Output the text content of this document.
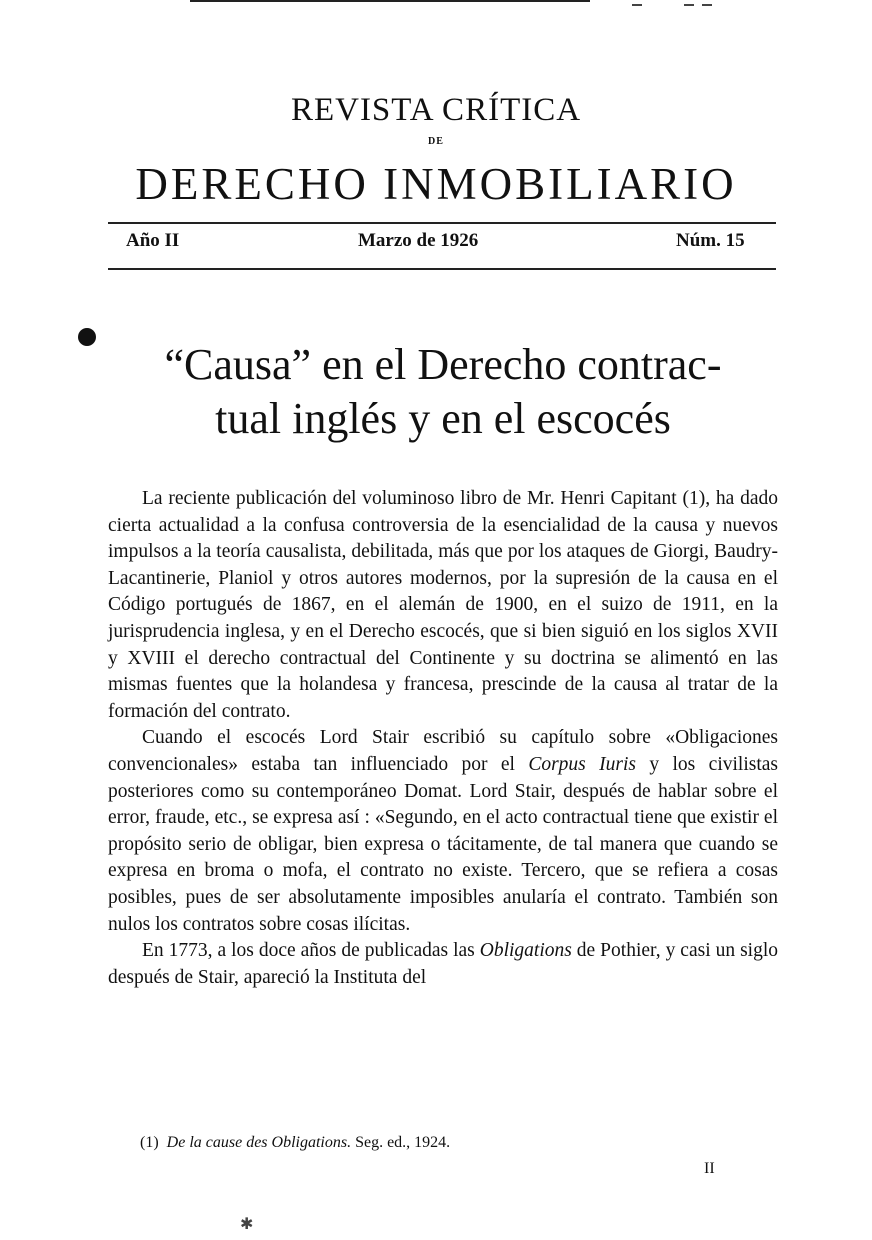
REVISTA CRÍTICA
DE
DERECHO INMOBILIARIO
Año II	Marzo de 1926	Núm. 15
“Causa” en el Derecho contrac-
tual inglés y en el escocés

La reciente publicación del voluminoso libro de Mr. Henri Capitant (1), ha dado cierta actualidad a la confusa controversia de la esencialidad de la causa y nuevos impulsos a la teoría causalista, debilitada, más que por los ataques de Giorgi, Baudry-Lacantinerie, Planiol y otros autores modernos, por la supresión de la causa en el Código portugués de 1867, en el alemán de 1900, en el suizo de 1911, en la jurisprudencia inglesa, y en el Derecho escocés, que si bien siguió en los siglos XVII y XVIII el derecho contractual del Continente y su doctrina se alimentó en las mismas fuentes que la holandesa y francesa, prescinde de la causa al tratar de la formación del contrato.

Cuando el escocés Lord Stair escribió su capítulo sobre «Obligaciones convencionales» estaba tan influenciado por el Corpus Iuris y los civilistas posteriores como su contemporáneo Domat. Lord Stair, después de hablar sobre el error, fraude, etc., se expresa así : «Segundo, en el acto contractual tiene que existir el propósito serio de obligar, bien expresa o tácitamente, de tal manera que cuando se expresa en broma o mofa, el contrato no existe. Tercero, que se refiera a cosas posibles, pues de ser absolutamente imposibles anularía el contrato. También son nulos los contratos sobre cosas ilícitas.

En 1773, a los doce años de publicadas las Obligations de Pothier, y casi un siglo después de Stair, apareció la Instituta del

(1) De la cause des Obligations. Seg. ed., 1924.
II
✱
